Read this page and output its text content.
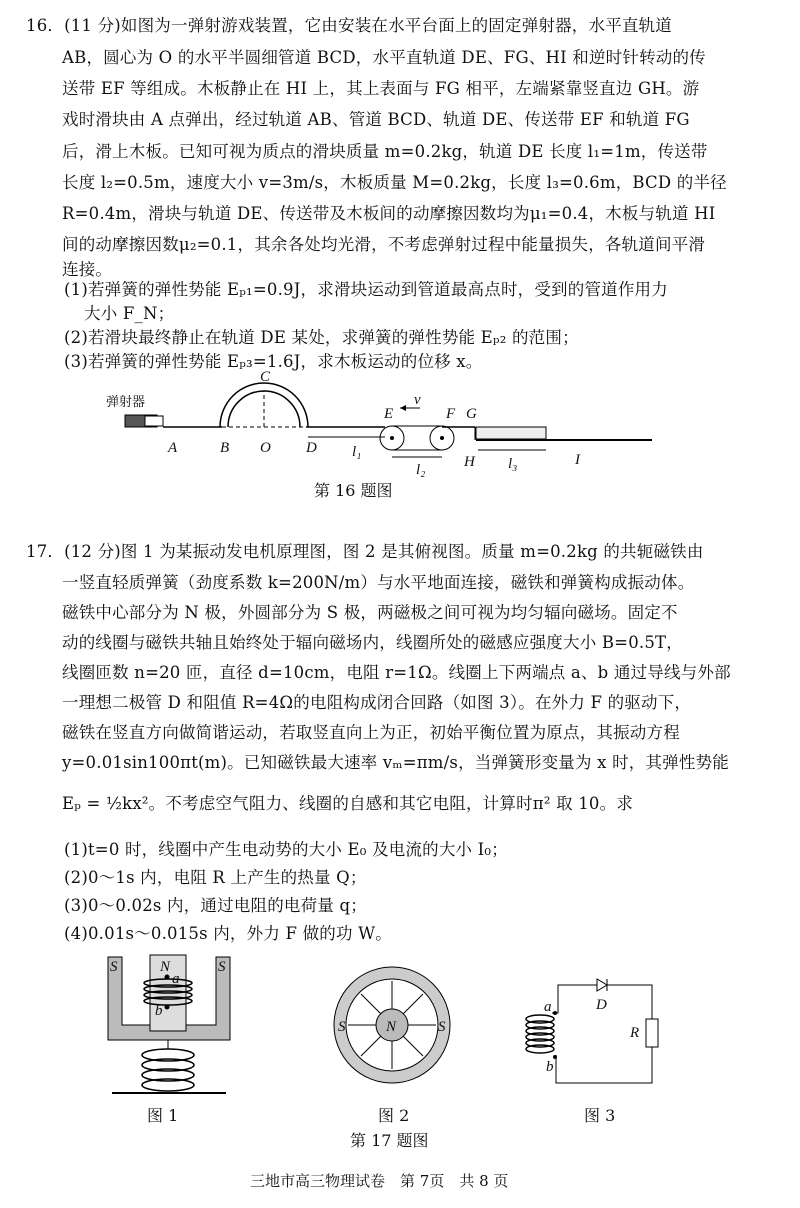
16．(11 分)如图为一弹射游戏装置，它由安装在水平台面上的固定弹射器，水平直轨道
AB，圆心为 O 的水平半圆细管道 BCD，水平直轨道 DE、FG、HI 和逆时针转动的传
送带 EF 等组成。木板静止在 HI 上，其上表面与 FG 相平，左端紧靠竖直边 GH。游
戏时滑块由 A 点弹出，经过轨道 AB、管道 BCD、轨道 DE、传送带 EF 和轨道 FG
后，滑上木板。已知可视为质点的滑块质量 m=0.2kg，轨道 DE 长度 l₁=1m，传送带
长度 l₂=0.5m，速度大小 v=3m/s，木板质量 M=0.2kg，长度 l₃=0.6m，BCD 的半径
R=0.4m，滑块与轨道 DE、传送带及木板间的动摩擦因数均为μ₁=0.4，木板与轨道 HI
间的动摩擦因数μ₂=0.1，其余各处均光滑，不考虑弹射过程中能量损失，各轨道间平滑
连接。
(1)若弹簧的弹性势能 Eₚ₁=0.9J，求滑块运动到管道最高点时，受到的管道作用力
大小 F_N；
(2)若滑块最终静止在轨道 DE 某处，求弹簧的弹性势能 Eₚ₂ 的范围；
(3)若弹簧的弹性势能 Eₚ₃=1.6J，求木板运动的位移 x。
弹射器
A	B
C
O D
E
v
F G
H	I
l₁
l₂	l₃
第 16 题图
17．(12 分)图 1 为某振动发电机原理图，图 2 是其俯视图。质量 m=0.2kg 的共轭磁铁由
一竖直轻质弹簧（劲度系数 k=200N/m）与水平地面连接，磁铁和弹簧构成振动体。
磁铁中心部分为 N 极，外圆部分为 S 极，两磁极之间可视为均匀辐向磁场。固定不
动的线圈与磁铁共轴且始终处于辐向磁场内，线圈所处的磁感应强度大小 B=0.5T，
线圈匝数 n=20 匝，直径 d=10cm，电阻 r=1Ω。线圈上下两端点 a、b 通过导线与外部
一理想二极管 D 和阻值 R=4Ω的电阻构成闭合回路（如图 3）。在外力 F 的驱动下，
磁铁在竖直方向做简谐运动，若取竖直向上为正，初始平衡位置为原点，其振动方程
y=0.01sin100πt(m)。已知磁铁最大速率 vₘ=πm/s，当弹簧形变量为 x 时，其弹性势能
Eₚ = ½kx²。不考虑空气阻力、线圈的自感和其它电阻，计算时π² 取 10。求
(1)t=0 时，线圈中产生电动势的大小 E₀ 及电流的大小 I₀；
(2)0～1s 内，电阻 R 上产生的热量 Q；
(3)0～0.02s 内，通过电阻的电荷量 q；
(4)0.01s～0.015s 内，外力 F 做的功 W。
S	S
N
a
b
N
S	S
a
b
D
R
图 1	图 2	图 3
第 17 题图
三地市高三物理试卷　第 7页　共 8 页
